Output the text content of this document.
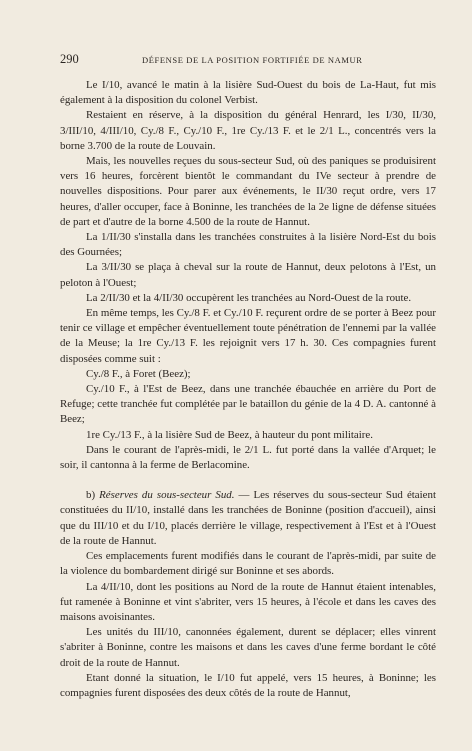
290	DÉFENSE DE LA POSITION FORTIFIÉE DE NAMUR

Le I/10, avancé le matin à la lisière Sud-Ouest du bois de La-Haut, fut mis également à la disposition du colonel Verbist.

Restaient en réserve, à la disposition du général Henrard, les I/30, II/30, 3/III/10, 4/III/10, Cy./8 F., Cy./10 F., 1re Cy./13 F. et le 2/1 L., concentrés vers la borne 3.700 de la route de Louvain.

Mais, les nouvelles reçues du sous-secteur Sud, où des paniques se produisirent vers 16 heures, forcèrent bientôt le commandant du IVe secteur à prendre de nouvelles dispositions. Pour parer aux événements, le II/30 reçut ordre, vers 17 heures, d'aller occuper, face à Boninne, les tranchées de la 2e ligne de défense situées de part et d'autre de la borne 4.500 de la route de Hannut.

La 1/II/30 s'installa dans les tranchées construites à la lisière Nord-Est du bois des Gournées;

La 3/II/30 se plaça à cheval sur la route de Hannut, deux pelotons à l'Est, un peloton à l'Ouest;

La 2/II/30 et la 4/II/30 occupèrent les tranchées au Nord-Ouest de la route.

En même temps, les Cy./8 F. et Cy./10 F. reçurent ordre de se porter à Beez pour tenir ce village et empêcher éventuellement toute pénétration de l'ennemi par la vallée de la Meuse; la 1re Cy./13 F. les rejoignit vers 17 h. 30. Ces compagnies furent disposées comme suit :

Cy./8 F., à Foret (Beez);

Cy./10 F., à l'Est de Beez, dans une tranchée ébauchée en arrière du Port de Refuge; cette tranchée fut complétée par le bataillon du génie de la 4 D. A. cantonné à Beez;

1re Cy./13 F., à la lisière Sud de Beez, à hauteur du pont militaire.

Dans le courant de l'après-midi, le 2/1 L. fut porté dans la vallée d'Arquet; le soir, il cantonna à la ferme de Berlacomine.

b) Réserves du sous-secteur Sud. — Les réserves du sous-secteur Sud étaient constituées du II/10, installé dans les tranchées de Boninne (position d'accueil), ainsi que du III/10 et du I/10, placés derrière le village, respectivement à l'Est et à l'Ouest de la route de Hannut.

Ces emplacements furent modifiés dans le courant de l'après-midi, par suite de la violence du bombardement dirigé sur Boninne et ses abords.

La 4/II/10, dont les positions au Nord de la route de Hannut étaient intenables, fut ramenée à Boninne et vint s'abriter, vers 15 heures, à l'école et dans les caves des maisons avoisinantes.

Les unités du III/10, canonnées également, durent se déplacer; elles vinrent s'abriter à Boninne, contre les maisons et dans les caves d'une ferme bordant le côté droit de la route de Hannut.

Etant donné la situation, le I/10 fut appelé, vers 15 heures, à Boninne; les compagnies furent disposées des deux côtés de la route de Hannut,
